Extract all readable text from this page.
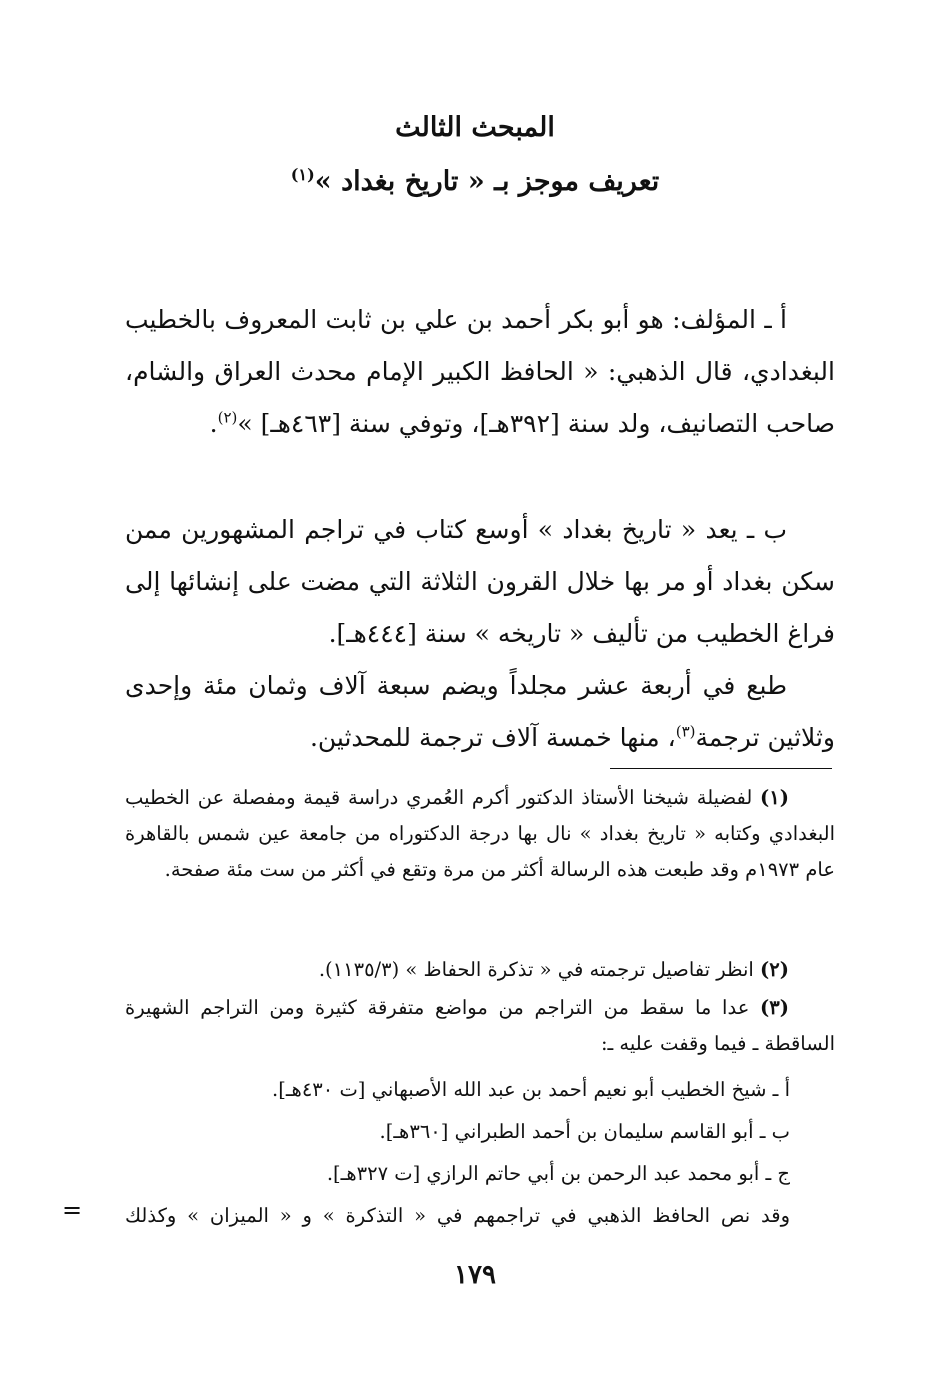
المبحث الثالث
تعريف موجز بـ « تاريخ بغداد »$^{(١)}$
أ ـ المؤلف: هو أبو بكر أحمد بن علي بن ثابت المعروف بالخطيب البغدادي، قال الذهبي: « الحافظ الكبير الإمام محدث العراق والشام، صاحب التصانيف، ولد سنة [٣٩٢هـ]، وتوفي سنة [٤٦٣هـ] »$^{(٢)}$.
ب ـ يعد « تاريخ بغداد » أوسع كتاب في تراجم المشهورين ممن سكن بغداد أو مر بها خلال القرون الثلاثة التي مضت على إنشائها إلى فراغ الخطيب من تأليف « تاريخه » سنة [٤٤٤هـ].
طبع في أربعة عشر مجلداً ويضم سبعة آلاف وثمان مئة وإحدى وثلاثين ترجمة$^{(٣)}$، منها خمسة آلاف ترجمة للمحدثين.
(١) لفضيلة شيخنا الأستاذ الدكتور أكرم العُمري دراسة قيمة ومفصلة عن الخطيب البغدادي وكتابه « تاريخ بغداد » نال بها درجة الدكتوراه من جامعة عين شمس بالقاهرة عام ١٩٧٣م وقد طبعت هذه الرسالة أكثر من مرة وتقع في أكثر من ست مئة صفحة.
(٢) انظر تفاصيل ترجمته في « تذكرة الحفاظ » (١١٣٥/٣).
(٣) عدا ما سقط من التراجم من مواضع متفرقة كثيرة ومن التراجم الشهيرة الساقطة ـ فيما وقفت عليه ـ:
أ ـ شيخ الخطيب أبو نعيم أحمد بن عبد الله الأصبهاني [ت ٤٣٠هـ].
ب ـ أبو القاسم سليمان بن أحمد الطبراني [٣٦٠هـ].
ج ـ أبو محمد عبد الرحمن بن أبي حاتم الرازي [ت ٣٢٧هـ].
وقد نص الحافظ الذهبي في تراجمهم في « التذكرة » و « الميزان » وكذلك
=
١٧٩
